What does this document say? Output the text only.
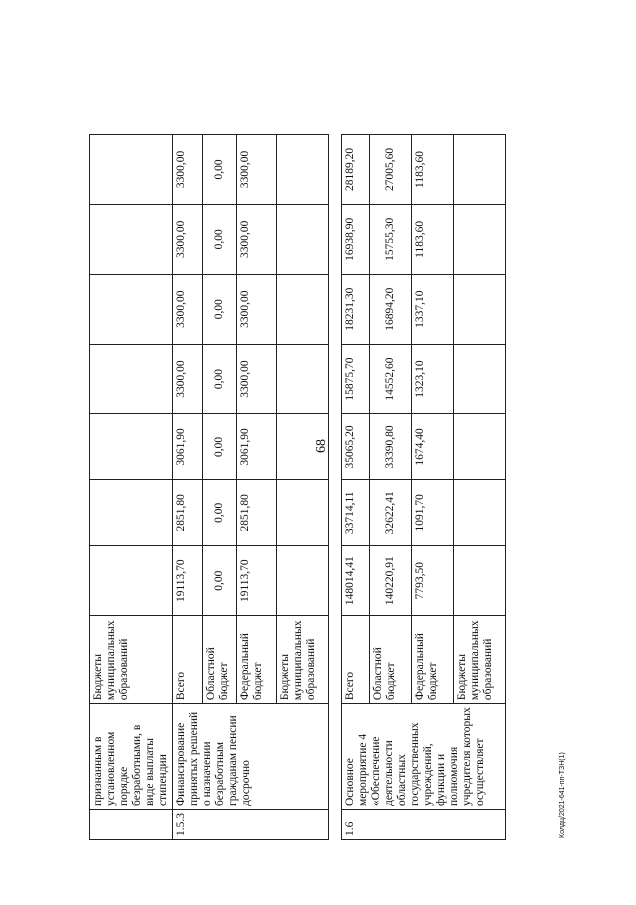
68
Колдц/2021-641-пп-ТЗН(1)
	признанным в установленном порядке безработными, в виде выплаты стипендии	Бюджеты муниципальных образований							
1.5.3	Финансирование принятых решений о назначении безработным гражданам пенсии досрочно	Всего	19113,70	2851,80	3061,90	3300,00	3300,00	3300,00	3300,00
		Областной бюджет	0,00	0,00	0,00	0,00	0,00	0,00	0,00
		Федеральный бюджет	19113,70	2851,80	3061,90	3300,00	3300,00	3300,00	3300,00
		Бюджеты муниципальных образований							

1.6	Основное мероприятие 4 «Обеспечение деятельности областных государственных учреждений, функции и полномочия учредителя которых осуществляет	Всего	148014,41	33714,11	35065,20	15875,70	18231,30	16938,90	28189,20
		Областной бюджет	140220,91	32622,41	33390,80	14552,60	16894,20	15755,30	27005,60
		Федеральный бюджет	7793,50	1091,70	1674,40	1323,10	1337,10	1183,60	1183,60
		Бюджеты муниципальных образований							
